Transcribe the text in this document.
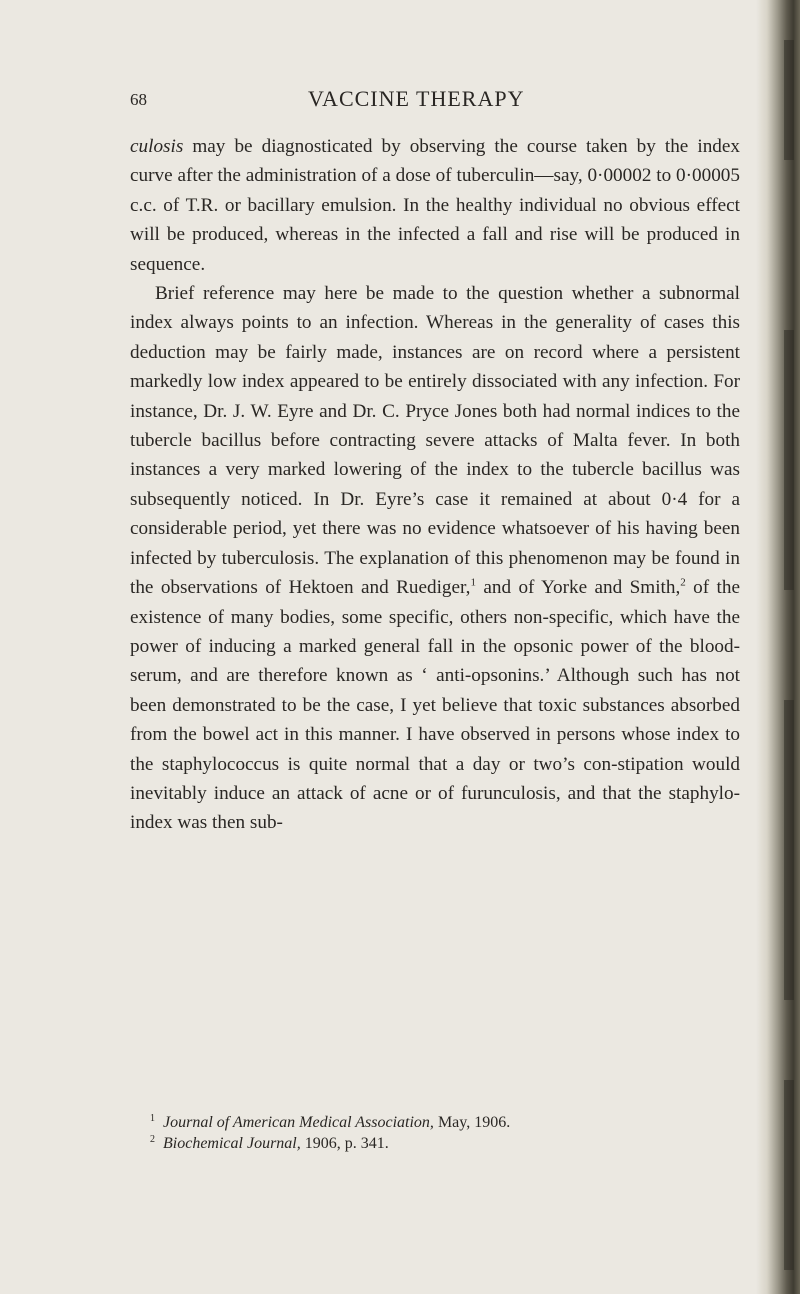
68	VACCINE THERAPY

culosis may be diagnosticated by observing the course taken by the index curve after the administration of a dose of tuberculin—say, 0·00002 to 0·00005 c.c. of T.R. or bacillary emulsion. In the healthy individual no obvious effect will be produced, whereas in the infected a fall and rise will be produced in sequence.

Brief reference may here be made to the question whether a subnormal index always points to an infection. Whereas in the generality of cases this deduction may be fairly made, instances are on record where a persistent markedly low index appeared to be entirely dissociated with any infection. For instance, Dr. J. W. Eyre and Dr. C. Pryce Jones both had normal indices to the tubercle bacillus before contracting severe attacks of Malta fever. In both instances a very marked lowering of the index to the tubercle bacillus was subsequently noticed. In Dr. Eyre’s case it remained at about 0·4 for a considerable period, yet there was no evidence whatsoever of his having been infected by tuberculosis. The explanation of this phenomenon may be found in the observations of Hektoen and Ruediger,$^1$ and of Yorke and Smith,$^2$ of the existence of many bodies, some specific, others non-specific, which have the power of inducing a marked general fall in the opsonic power of the blood-serum, and are therefore known as ‘ anti-opsonins.’ Although such has not been demonstrated to be the case, I yet believe that toxic substances absorbed from the bowel act in this manner. I have observed in persons whose index to the staphylococcus is quite normal that a day or two’s con-stipation would inevitably induce an attack of acne or of furunculosis, and that the staphylo-index was then sub-

$^1$ Journal of American Medical Association, May, 1906.
$^2$ Biochemical Journal, 1906, p. 341.
